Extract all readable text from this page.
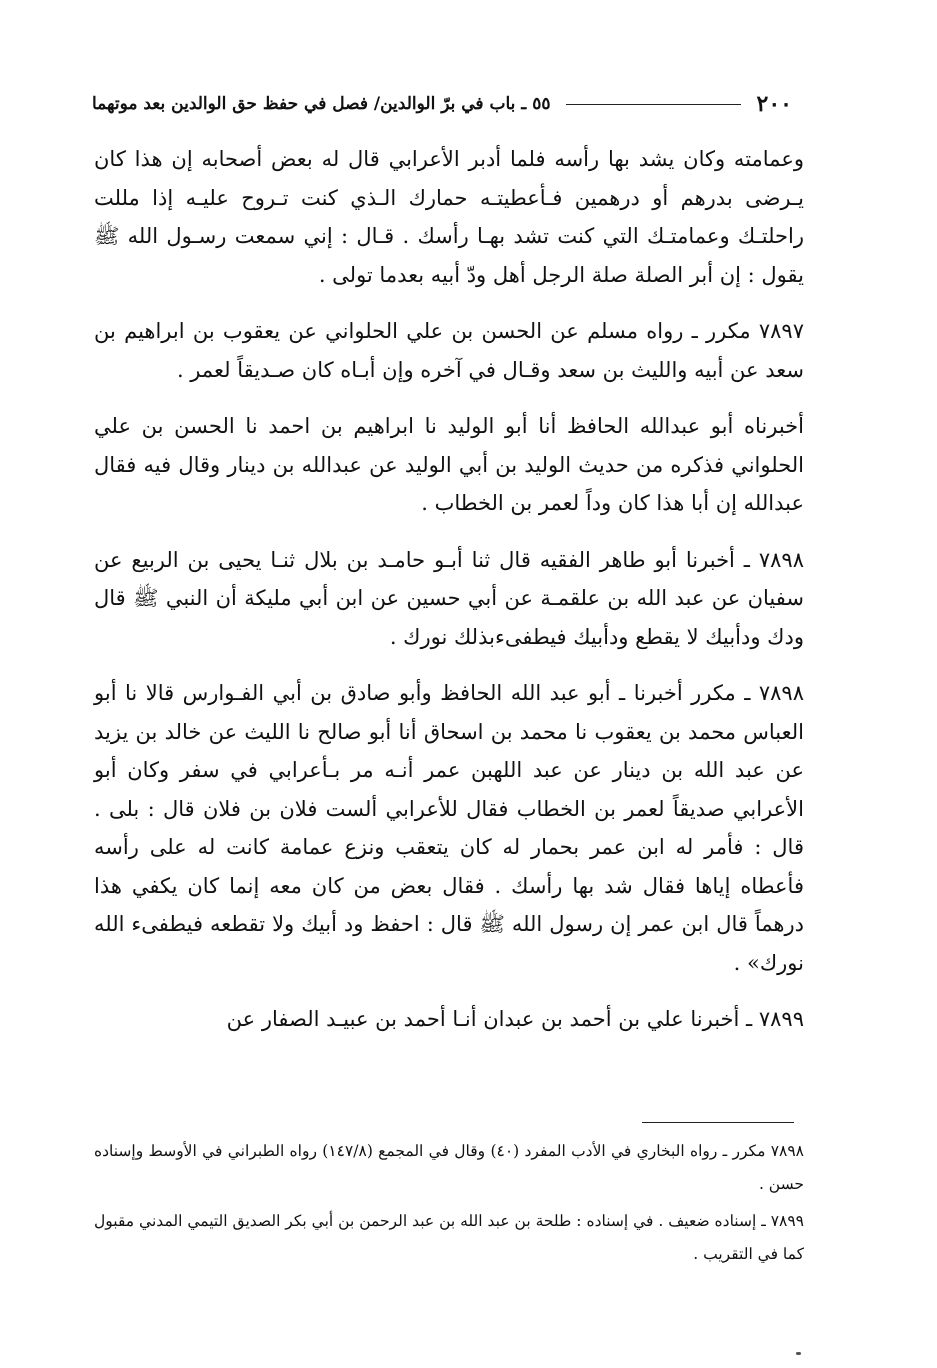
٢٠٠
٥٥ ـ باب في برّ الوالدين/ فصل في حفظ حق الوالدين بعد موتهما

وعمامته وكان يشد بها رأسه فلما أدبر الأعرابي قال له بعض أصحابه إن هذا كان يـرضى بدرهم أو درهمين فـأعطيتـه حمارك الـذي كنت تـروح عليـه إذا مللت راحلتـك وعمامتـك التي كنت تشد بهـا رأسك . قـال : إني سمعت رسـول الله ﷺ يقول : إن أبر الصلة صلة الرجل أهل ودّ أبيه بعدما تولى .

٧٨٩٧ مكرر ـ رواه مسلم عن الحسن بن علي الحلواني عن يعقوب بن ابراهيم بن سعد عن أبيه والليث بن سعد وقـال في آخره وإن أبـاه كان صـديقاً لعمر .

أخبرناه أبو عبدالله الحافظ أنا أبو الوليد نا ابراهيم بن احمد نا الحسن بن علي الحلواني فذكره من حديث الوليد بن أبي الوليد عن عبدالله بن دينار وقال فيه فقال عبدالله إن أبا هذا كان وداً لعمر بن الخطاب .

٧٨٩٨ ـ أخبرنا أبو طاهر الفقيه قال ثنا أبـو حامـد بن بلال ثنـا يحيى بن الربيع عن سفيان عن عبد الله بن علقمـة عن أبي حسين عن ابن أبي مليكة أن النبي ﷺ قال ودك ودأبيك لا يقطع ودأبيك فيطفىءبذلك نورك .

٧٨٩٨ ـ مكرر أخبرنا ـ أبو عبد الله الحافظ وأبو صادق بن أبي الفـوارس قالا نا أبو العباس محمد بن يعقوب نا محمد بن اسحاق أنا أبو صالح نا الليث عن خالد بن يزيد عن عبد الله بن دينار عن عبد اللهبن عمر أنـه مر بـأعرابي في سفر وكان أبو الأعرابي صديقاً لعمر بن الخطاب فقال للأعرابي ألست فلان بن فلان قال : بلى . قال : فأمر له ابن عمر بحمار له كان يتعقب ونزع عمامة كانت له على رأسه فأعطاه إياها فقال شد بها رأسك . فقال بعض من كان معه إنما كان يكفي هذا درهماً قال ابن عمر إن رسول الله ﷺ قال : احفظ ود أبيك ولا تقطعه فيطفىء الله نورك» .

٧٨٩٩ ـ أخبرنا علي بن أحمد بن عبدان أنـا أحمد بن عبيـد الصفار عن

٧٨٩٨ مكرر ـ رواه البخاري في الأدب المفرد (٤٠) وقال في المجمع (١٤٧/٨) رواه الطبراني في الأوسط وإسناده حسن .

٧٨٩٩ ـ إسناده ضعيف . في إسناده : طلحة بن عبد الله بن عبد الرحمن بن أبي بكر الصديق التيمي المدني مقبول كما في التقريب .
